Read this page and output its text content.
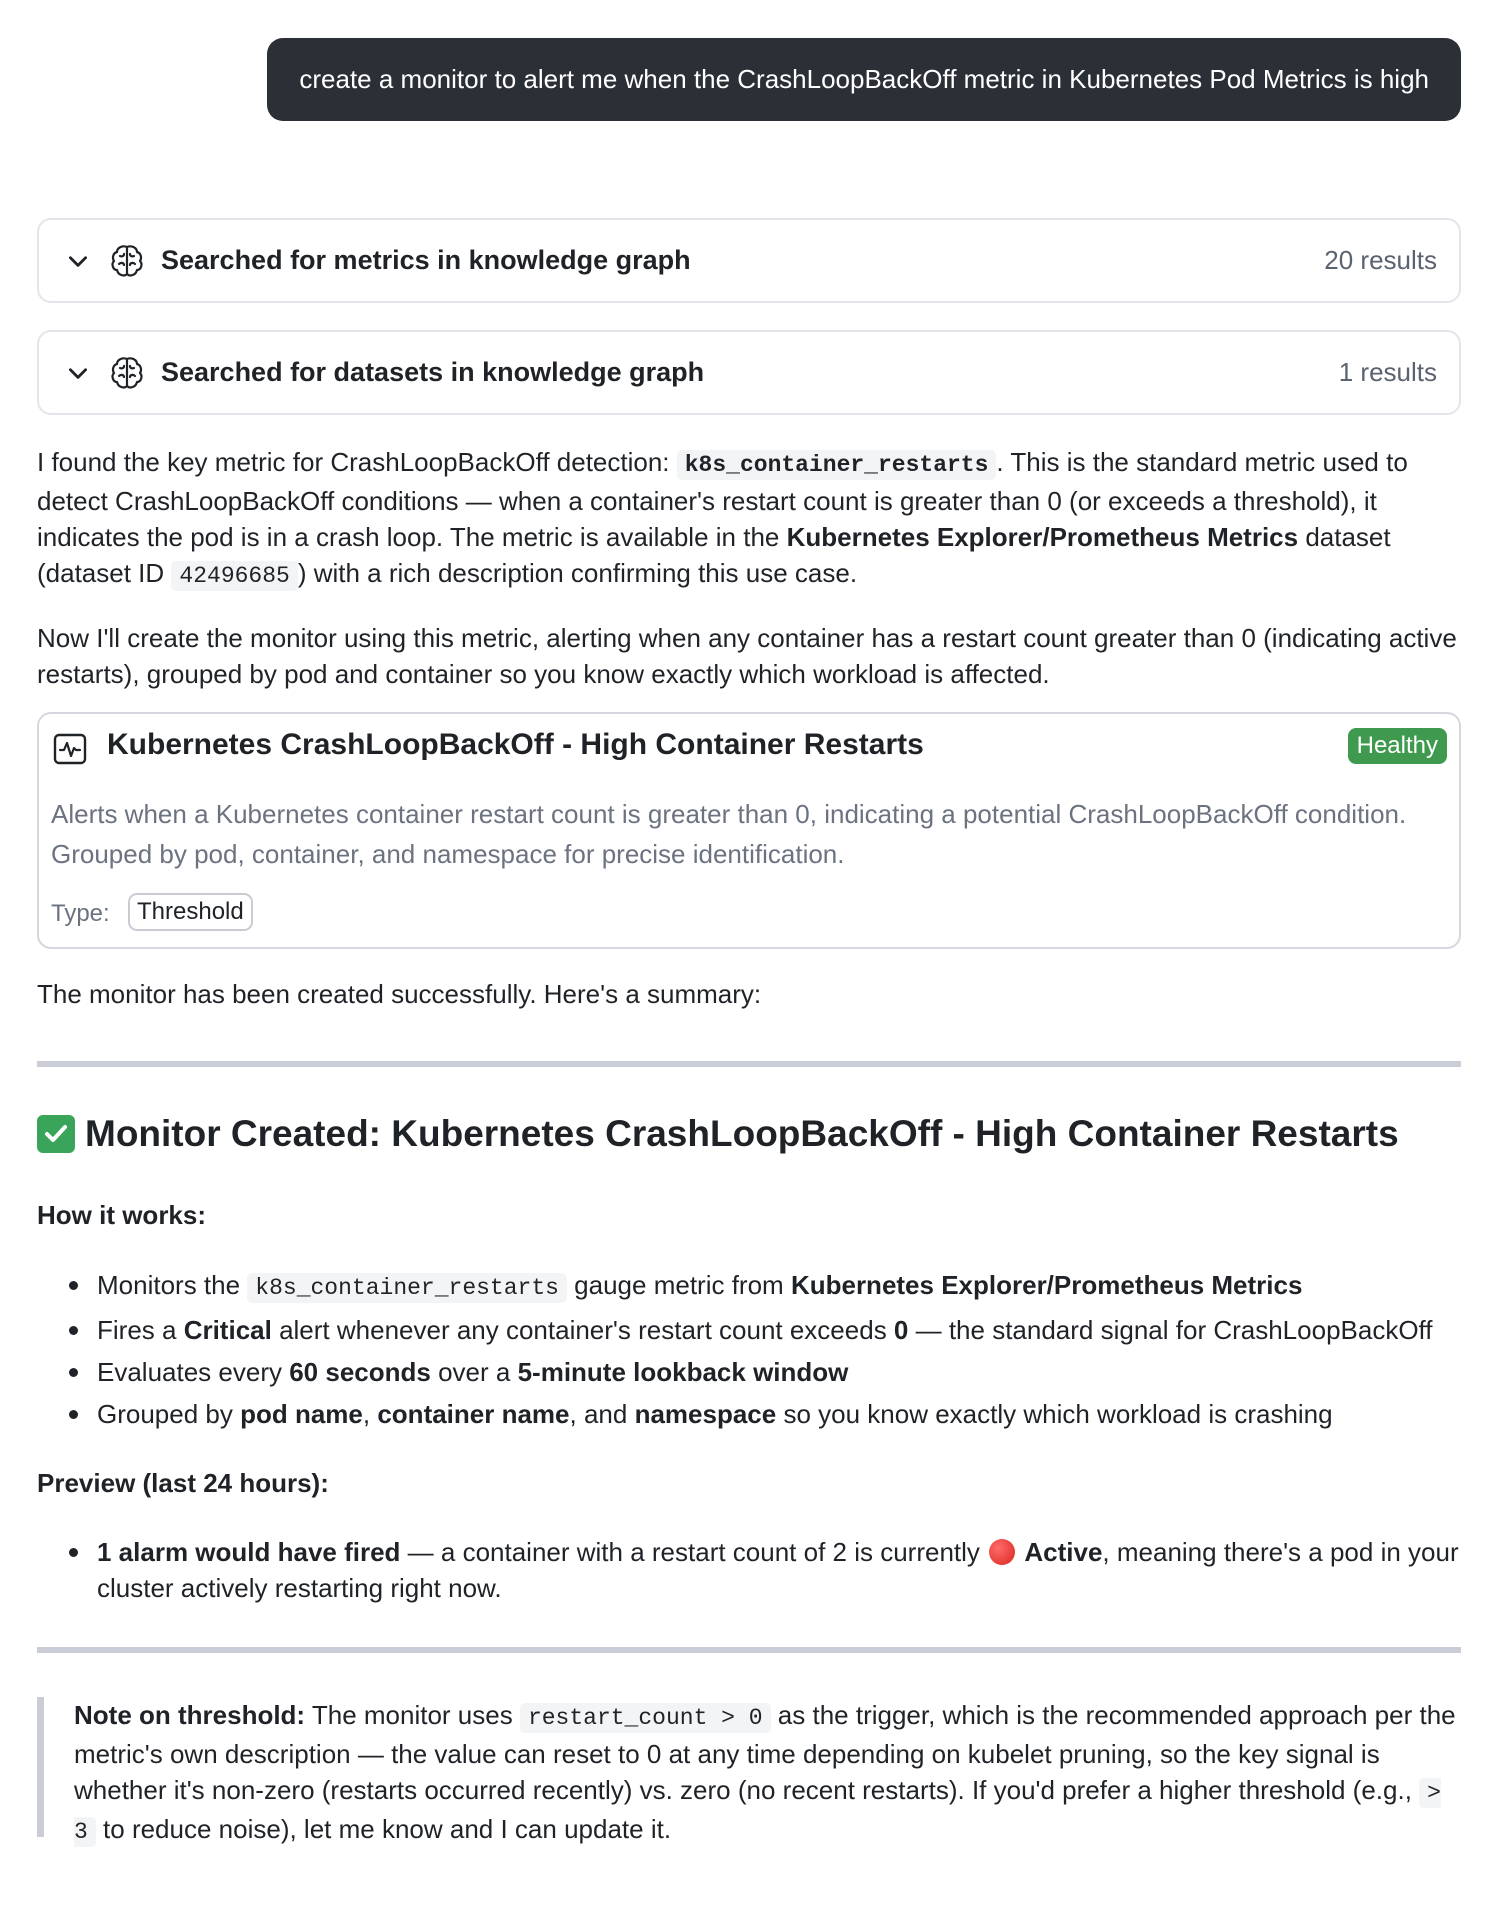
create a monitor to alert me when the CrashLoopBackOff metric in Kubernetes Pod Metrics is high
Searched for metrics in knowledge graph	20 results
Searched for datasets in knowledge graph	1 results
I found the key metric for CrashLoopBackOff detection: k8s_container_restarts . This is the standard metric used to detect CrashLoopBackOff conditions — when a container's restart count is greater than 0 (or exceeds a threshold), it indicates the pod is in a crash loop. The metric is available in the Kubernetes Explorer/Prometheus Metrics dataset (dataset ID 42496685 ) with a rich description confirming this use case.
Now I'll create the monitor using this metric, alerting when any container has a restart count greater than 0 (indicating active restarts), grouped by pod and container so you know exactly which workload is affected.
Kubernetes CrashLoopBackOff - High Container Restarts	Healthy
Alerts when a Kubernetes container restart count is greater than 0, indicating a potential CrashLoopBackOff condition. Grouped by pod, container, and namespace for precise identification.
Type:	Threshold
The monitor has been created successfully. Here's a summary:
Monitor Created: Kubernetes CrashLoopBackOff - High Container Restarts
How it works:
Monitors the k8s_container_restarts gauge metric from Kubernetes Explorer/Prometheus Metrics
Fires a Critical alert whenever any container's restart count exceeds 0 — the standard signal for CrashLoopBackOff
Evaluates every 60 seconds over a 5-minute lookback window
Grouped by pod name, container name, and namespace so you know exactly which workload is crashing
Preview (last 24 hours):
1 alarm would have fired — a container with a restart count of 2 is currently  Active, meaning there's a pod in your cluster actively restarting right now.
Note on threshold: The monitor uses restart_count > 0 as the trigger, which is the recommended approach per the metric's own description — the value can reset to 0 at any time depending on kubelet pruning, so the key signal is whether it's non-zero (restarts occurred recently) vs. zero (no recent restarts). If you'd prefer a higher threshold (e.g., > 3 to reduce noise), let me know and I can update it.
